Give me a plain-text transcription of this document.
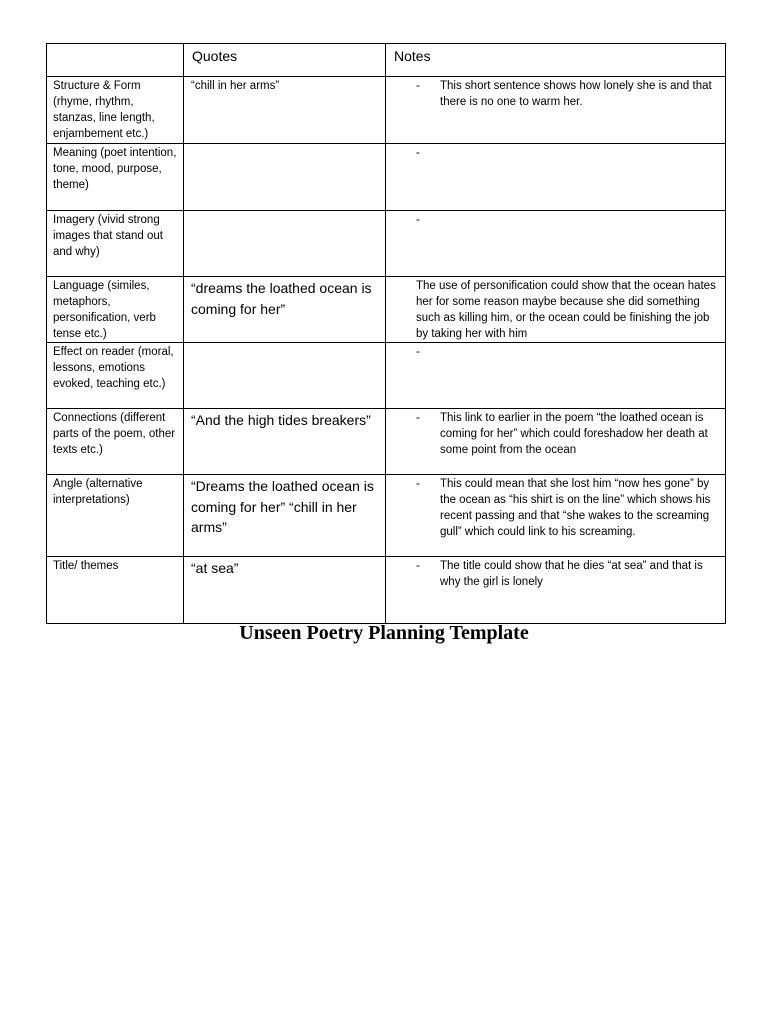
	Quotes	Notes
Structure & Form (rhyme, rhythm, stanzas, line length, enjambement etc.)	“chill in her arms”	- This short sentence shows how lonely she is and that there is no one to warm her.

Meaning (poet intention, tone, mood, purpose, theme)		-

Imagery (vivid strong images that stand out and why)		-

Language (similes, metaphors, personification, verb tense etc.)	“dreams the loathed ocean is coming for her”	The use of personification could show that the ocean hates her for some reason maybe because she did something such as killing him, or the ocean could be finishing the job by taking her with him

Effect on reader (moral, lessons, emotions evoked, teaching etc.)		-

Connections (different parts of the poem, other texts etc.)	“And the high tides breakers”	- This link to earlier in the poem “the loathed ocean is coming for her” which could foreshadow her death at some point from the ocean

Angle (alternative interpretations)	“Dreams the loathed ocean is coming for her” “chill in her arms”	- This could mean that she lost him “now hes gone” by the ocean as “his shirt is on the line” which shows his recent passing and that “she wakes to the screaming gull” which could link to his screaming.

Title/ themes	“at sea”	- The title could show that he dies “at sea” and that is why the girl is lonely
Unseen Poetry Planning Template
